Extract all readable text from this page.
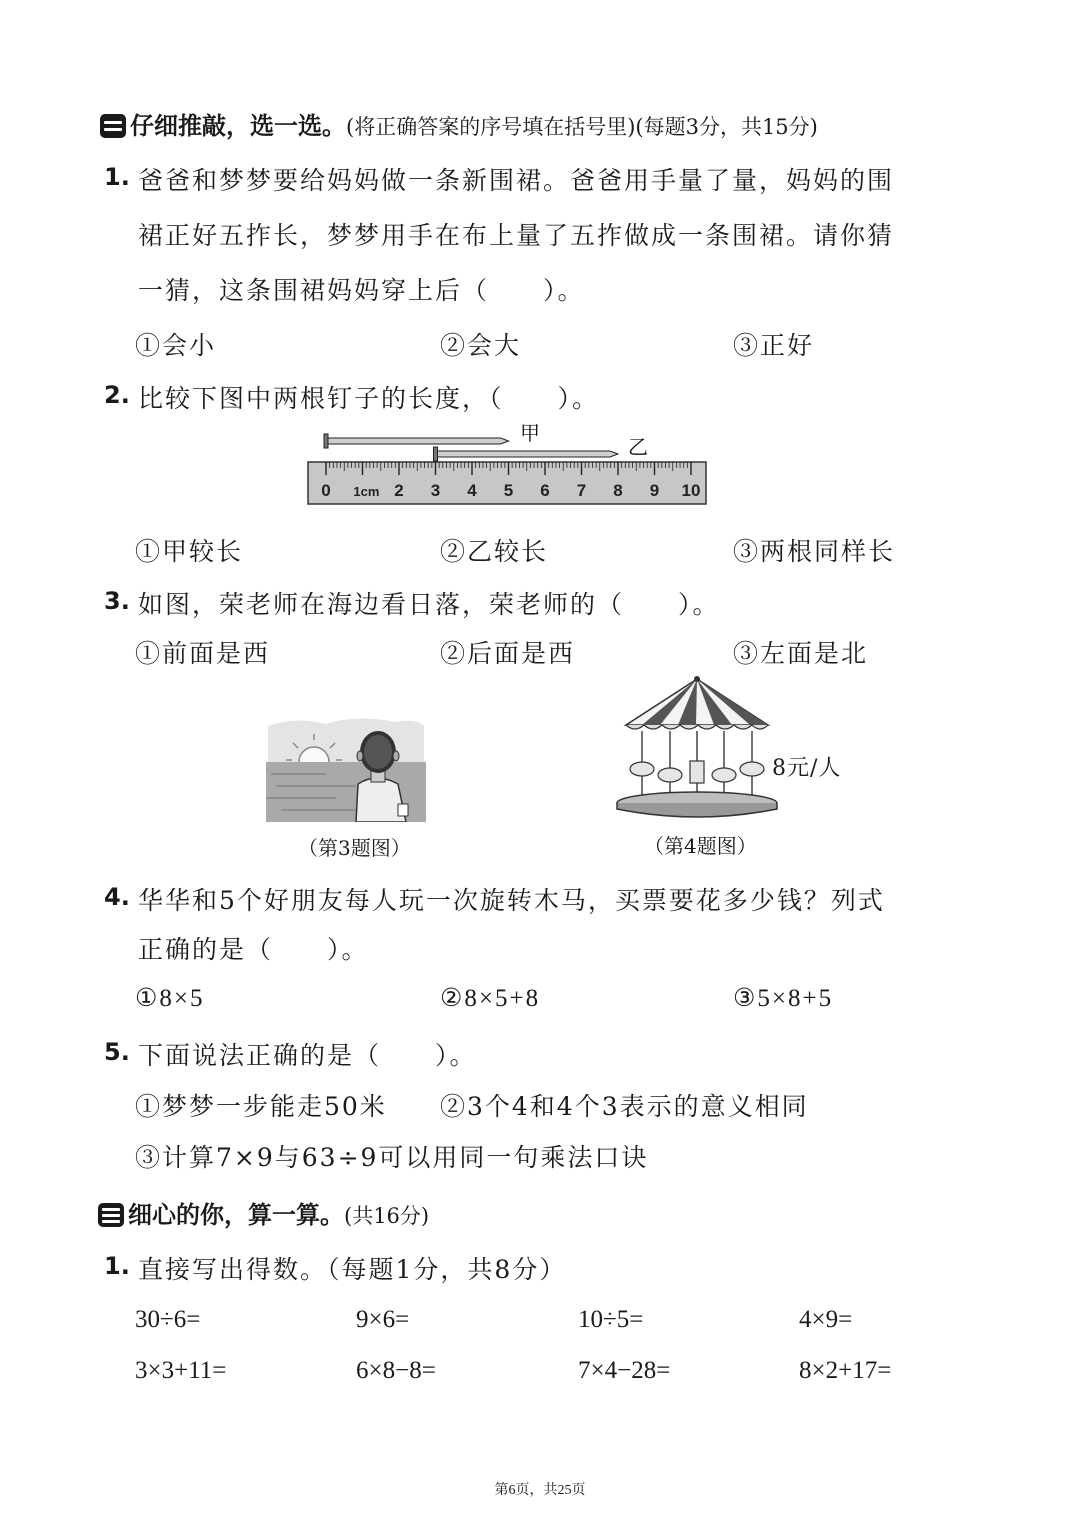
仔细推敲，选一选。(将正确答案的序号填在括号里)(每题3分，共15分)
1. 爸爸和梦梦要给妈妈做一条新围裙。爸爸用手量了量，妈妈的围
裙正好五拃长，梦梦用手在布上量了五拃做成一条围裙。请你猜
一猜，这条围裙妈妈穿上后（　　）。
①会小	②会大	③正好
2. 比较下图中两根钉子的长度，（　　）。
0	2 3 4 5 6 7 8 9 10
1cm
甲
乙
①甲较长	②乙较长	③两根同样长
3. 如图，荣老师在海边看日落，荣老师的（　　）。
①前面是西	②后面是西	③左面是北
8元/人
（第3题图）	（第4题图）
4. 华华和5个好朋友每人玩一次旋转木马，买票要花多少钱？列式
正确的是（　　）。
①8×5	②8×5+8	③5×8+5
5. 下面说法正确的是（　　）。
①梦梦一步能走50米 ②3个4和4个3表示的意义相同
③计算7×9与63÷9可以用同一句乘法口诀
细心的你，算一算。(共16分)
1. 直接写出得数。（每题1分，共8分）
30÷6=	9×6=	10÷5=	4×9=
3×3+11=	6×8−8=	7×4−28=	8×2+17=
第6页，共25页
